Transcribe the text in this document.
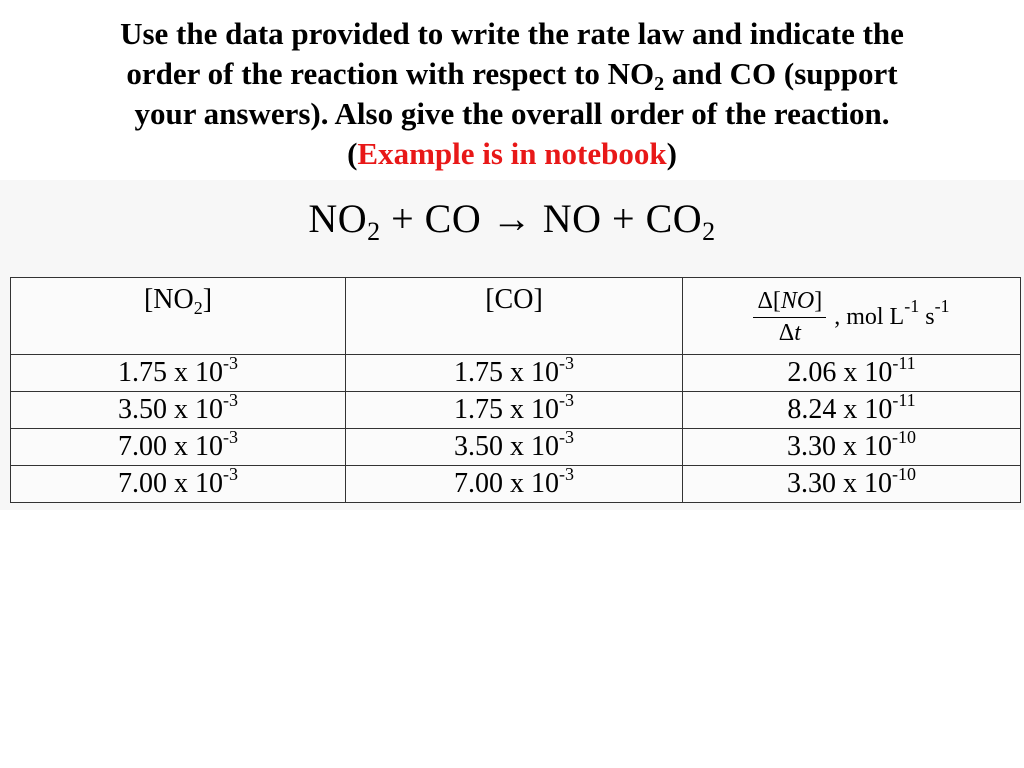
Use the data provided to write the rate law and indicate the
order of the reaction with respect to $NO_2$ and CO (support
your answers). Also give the overall order of the reaction.
(Example is in notebook)
$NO_2$ + CO → NO + $CO_2$
$[NO_2]$	[CO]	$\frac{\Delta[NO]}{\Delta t}$ , mol $L^{-1}$ $s^{-1}$

1.75 x $10^{-3}$	1.75 x $10^{-3}$	2.06 x $10^{-11}$
3.50 x $10^{-3}$	1.75 x $10^{-3}$	8.24 x $10^{-11}$
7.00 x $10^{-3}$	3.50 x $10^{-3}$	3.30 x $10^{-10}$
7.00 x $10^{-3}$	7.00 x $10^{-3}$	3.30 x $10^{-10}$
